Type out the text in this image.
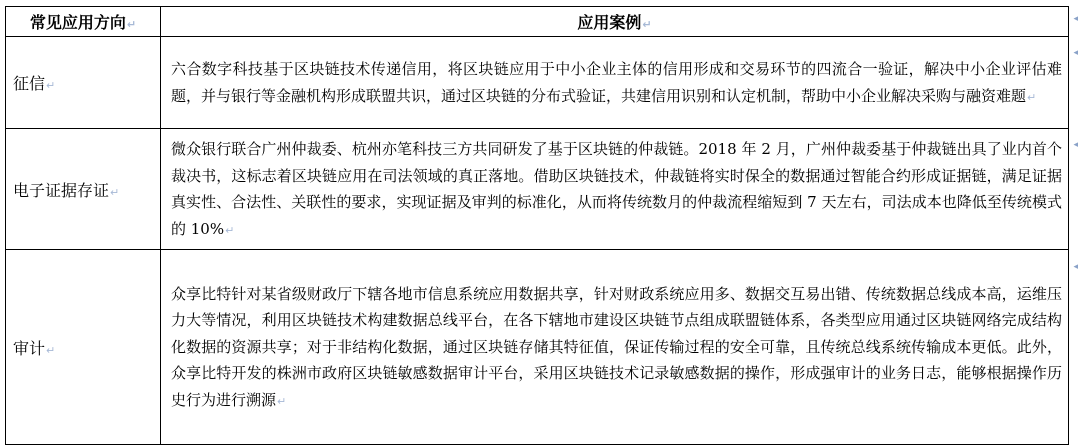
常见应用方向↵	应用案例↵
征信↵	六合数字科技基于区块链技术传递信用，将区块链应用于中小企业主体的信用形成和交易环节的四流合一验证，解决中小企业评估难题，并与银行等金融机构形成联盟共识，通过区块链的分布式验证，共建信用识别和认定机制，帮助中小企业解决采购与融资难题↵
电子证据存证↵	微众银行联合广州仲裁委、杭州亦笔科技三方共同研发了基于区块链的仲裁链。2018 年 2 月，广州仲裁委基于仲裁链出具了业内首个裁决书，这标志着区块链应用在司法领域的真正落地。借助区块链技术，仲裁链将实时保全的数据通过智能合约形成证据链，满足证据真实性、合法性、关联性的要求，实现证据及审判的标准化，从而将传统数月的仲裁流程缩短到 7 天左右，司法成本也降低至传统模式的 10%↵
审计↵	众享比特针对某省级财政厅下辖各地市信息系统应用数据共享，针对财政系统应用多、数据交互易出错、传统数据总线成本高，运维压力大等情况，利用区块链技术构建数据总线平台，在各下辖地市建设区块链节点组成联盟链体系，各类型应用通过区块链网络完成结构化数据的资源共享；对于非结构化数据，通过区块链存储其特征值，保证传输过程的安全可靠，且传统总线系统传输成本更低。此外，众享比特开发的株洲市政府区块链敏感数据审计平台，采用区块链技术记录敏感数据的操作，形成强审计的业务日志，能够根据操作历史行为进行溯源↵
◂
◂
◂
◂
